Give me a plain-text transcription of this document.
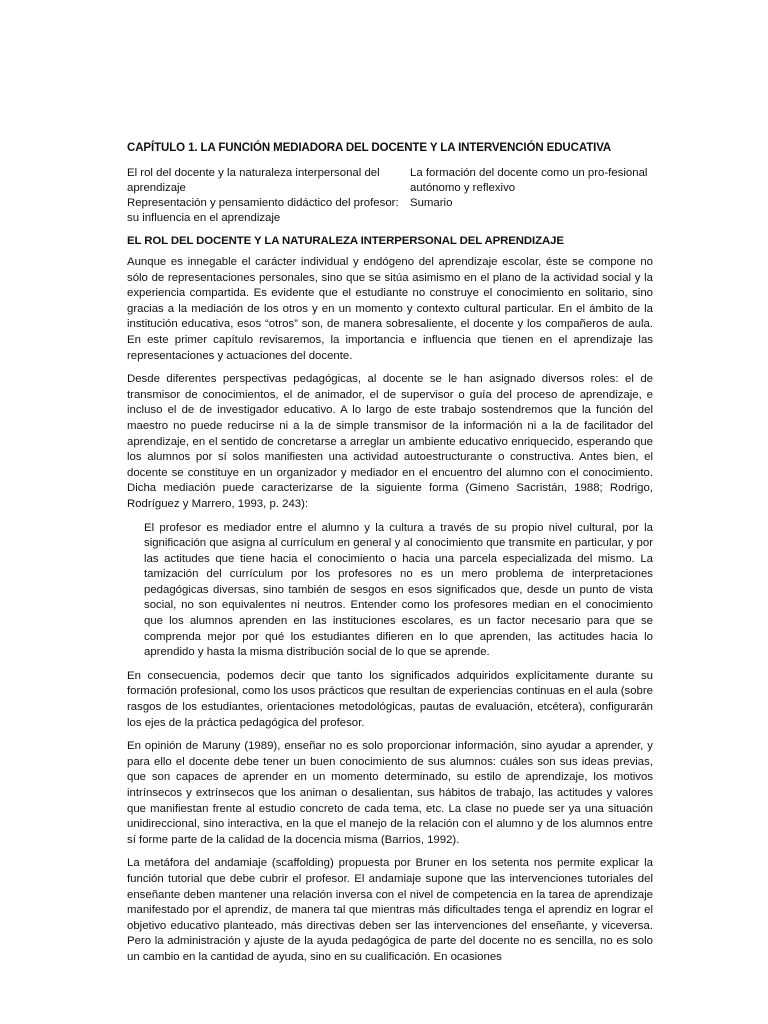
CAPÍTULO 1. LA FUNCIÓN MEDIADORA DEL DOCENTE Y LA INTERVENCIÓN EDUCATIVA

El rol del docente y la naturaleza interpersonal del aprendizaje

Representación y pensamiento didáctico del profesor: su influencia en el aprendizaje

La formación del docente como un pro-fesional autónomo y reflexivo

Sumario

EL ROL DEL DOCENTE Y LA NATURALEZA INTERPERSONAL DEL APRENDIZAJE

Aunque es innegable el carácter individual y endógeno del aprendizaje escolar, éste se compone no sólo de representaciones personales, sino que se sitúa asimismo en el plano de la actividad social y la experiencia compartida. Es evidente que el estudiante no construye el conocimiento en solitario, sino gracias a la mediación de los otros y en un momento y contexto cultural particular. En el ámbito de la institución educativa, esos “otros” son, de manera sobresaliente, el docente y los compañeros de aula. En este primer capítulo revisaremos, la importancia e influencia que tienen en el aprendizaje las representaciones y actuaciones del docente.

Desde diferentes perspectivas pedagógicas, al docente se le han asignado diversos roles: el de transmisor de conocimientos, el de animador, el de supervisor o guía del proceso de aprendizaje, e incluso el de de investigador educativo. A lo largo de este trabajo sostendremos que la función del maestro no puede reducirse ni a la de simple transmisor de la información ni a la de facilitador del aprendizaje, en el sentido de concretarse a arreglar un ambiente educativo enriquecido, esperando que los alumnos por sí solos manifiesten una actividad autoestructurante o constructiva. Antes bien, el docente se constituye en un organizador y mediador en el encuentro del alumno con el conocimiento. Dicha mediación puede caracterizarse de la siguiente forma (Gimeno Sacristán, 1988; Rodrigo, Rodríguez y Marrero, 1993, p. 243):

El profesor es mediador entre el alumno y la cultura a través de su propio nivel cultural, por la significación que asigna al currículum en general y al conocimiento que transmite en particular, y por las actitudes que tiene hacia el conocimiento o hacia una parcela especializada del mismo. La tamización del currículum por los profesores no es un mero problema de interpretaciones pedagógicas diversas, sino también de sesgos en esos significados que, desde un punto de vista social, no son equivalentes ni neutros. Entender como los profesores median en el conocimiento que los alumnos aprenden en las instituciones escolares, es un factor necesario para que se comprenda mejor por qué los estudiantes difieren en lo que aprenden, las actitudes hacia lo aprendido y hasta la misma distribución social de lo que se aprende.

En consecuencia, podemos decir que tanto los significados adquiridos explícitamente durante su formación profesional, como los usos prácticos que resultan de experiencias continuas en el aula (sobre rasgos de los estudiantes, orientaciones metodológicas, pautas de evaluación, etcétera), configurarán los ejes de la práctica pedagógica del profesor.

En opinión de Maruny (1989), enseñar no es solo proporcionar información, sino ayudar a aprender, y para ello el docente debe tener un buen conocimiento de sus alumnos: cuáles son sus ideas previas, que son capaces de aprender en un momento determinado, su estilo de aprendizaje, los motivos intrínsecos y extrínsecos que los animan o desalientan, sus hábitos de trabajo, las actitudes y valores que manifiestan frente al estudio concreto de cada tema, etc. La clase no puede ser ya una situación unidireccional, sino interactiva, en la que el manejo de la relación con el alumno y de los alumnos entre sí forme parte de la calidad de la docencia misma (Barrios, 1992).

La metáfora del andamiaje (scaffolding) propuesta por Bruner en los setenta nos permite explicar la función tutorial que debe cubrir el profesor. El andamiaje supone que las intervenciones tutoriales del enseñante deben mantener una relación inversa con el nivel de competencia en la tarea de aprendizaje manifestado por el aprendiz, de manera tal que mientras más dificultades tenga el aprendiz en lograr el objetivo educativo planteado, más directivas deben ser las intervenciones del enseñante, y viceversa. Pero la administración y ajuste de la ayuda pedagógica de parte del docente no es sencilla, no es solo un cambio en la cantidad de ayuda, sino en su cualificación. En ocasiones
